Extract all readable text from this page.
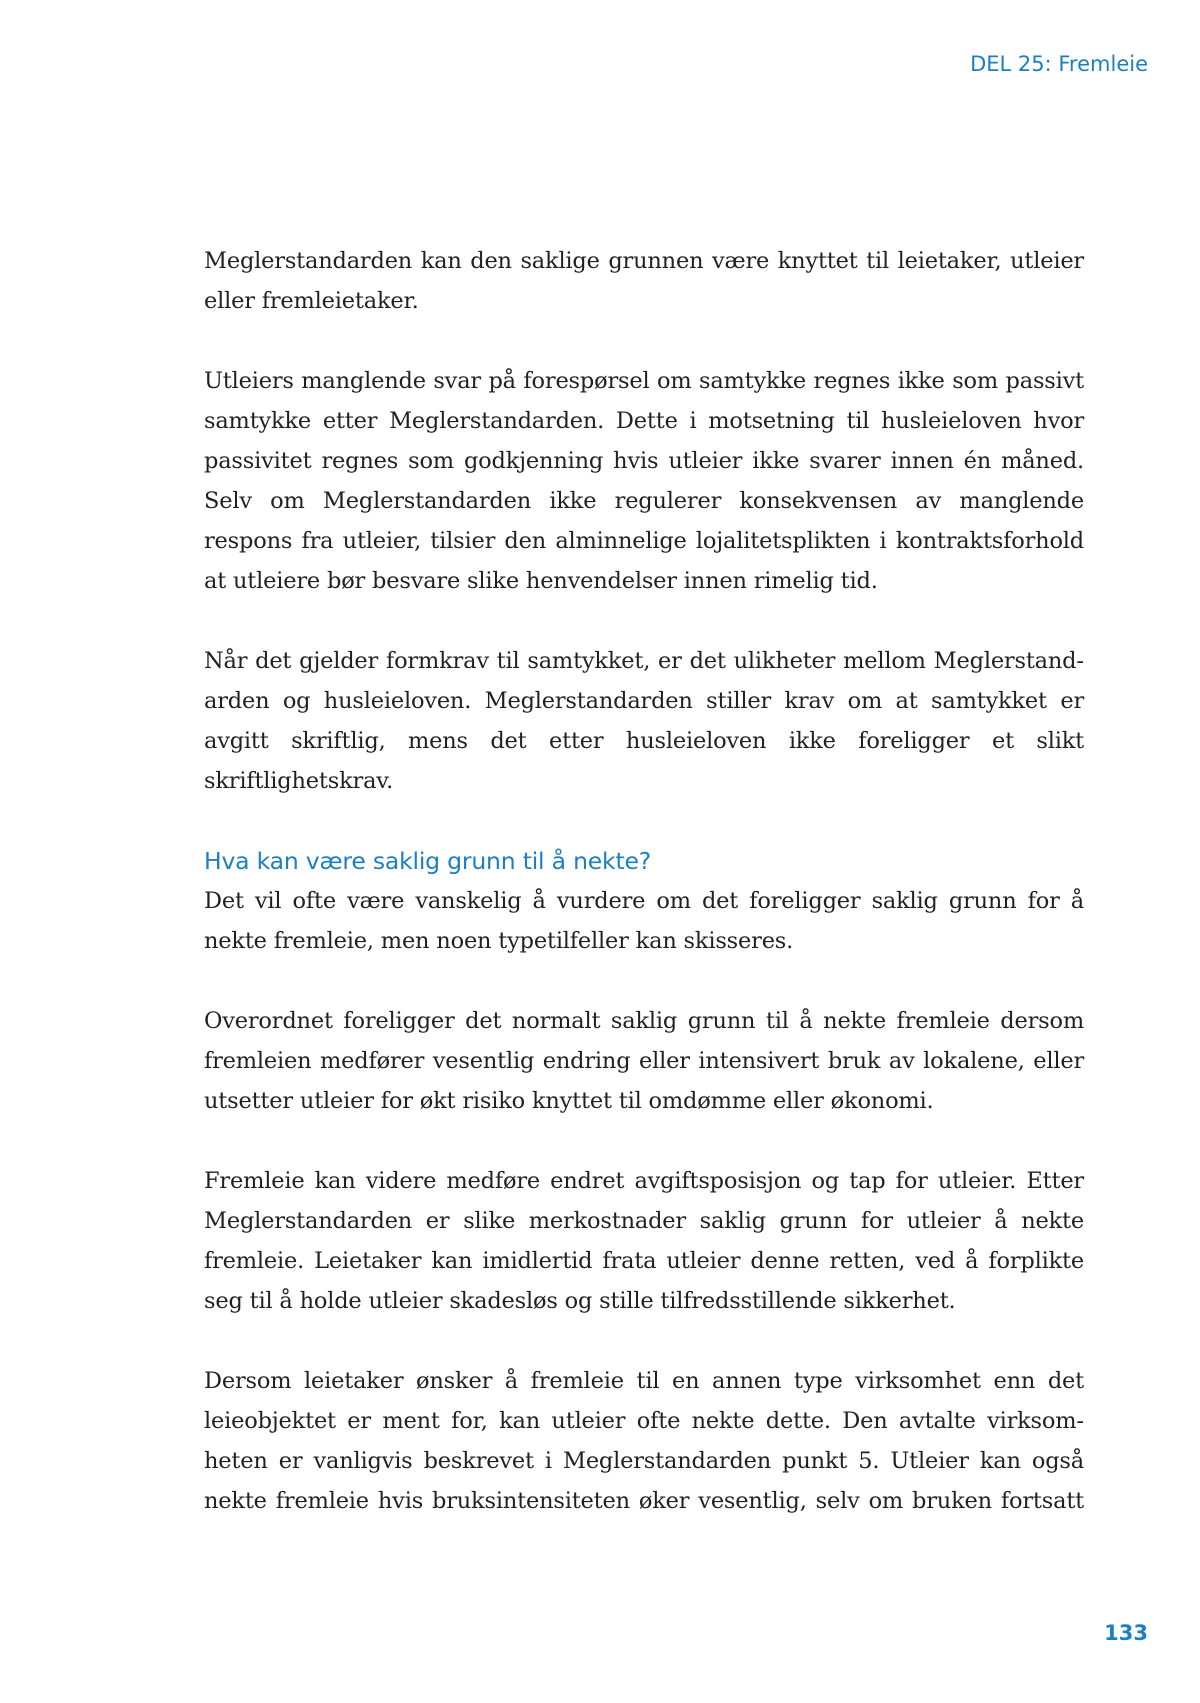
DEL 25: Fremleie

Meglerstandarden kan den saklige grunnen være knyttet til leietaker, utleier eller fremleietaker.

Utleiers manglende svar på forespørsel om samtykke regnes ikke som passivt samtykke etter Meglerstandarden. Dette i motsetning til husleieloven hvor passivitet regnes som godkjenning hvis utleier ikke svarer innen én måned. Selv om Meglerstandarden ikke regulerer konsekvensen av manglende respons fra utleier, tilsier den alminnelige lojalitetsplikten i kontraktsforhold at utleiere bør besvare slike henvendelser innen rimelig tid.

Når det gjelder formkrav til samtykket, er det ulikheter mellom Meglerstandarden og husleieloven. Meglerstandarden stiller krav om at samtykket er avgitt skriftlig, mens det etter husleieloven ikke foreligger et slikt skriftlighetskrav.

Hva kan være saklig grunn til å nekte?

Det vil ofte være vanskelig å vurdere om det foreligger saklig grunn for å nekte fremleie, men noen typetilfeller kan skisseres.

Overordnet foreligger det normalt saklig grunn til å nekte fremleie dersom fremleien medfører vesentlig endring eller intensivert bruk av lokalene, eller utsetter utleier for økt risiko knyttet til omdømme eller økonomi.

Fremleie kan videre medføre endret avgiftsposisjon og tap for utleier. Etter Meglerstandarden er slike merkostnader saklig grunn for utleier å nekte fremleie. Leietaker kan imidlertid frata utleier denne retten, ved å forplikte seg til å holde utleier skadesløs og stille tilfredsstillende sikkerhet.

Dersom leietaker ønsker å fremleie til en annen type virksomhet enn det leieobjektet er ment for, kan utleier ofte nekte dette. Den avtalte virksomheten er vanligvis beskrevet i Meglerstandarden punkt 5. Utleier kan også nekte fremleie hvis bruksintensiteten øker vesentlig, selv om bruken fortsatt

133
